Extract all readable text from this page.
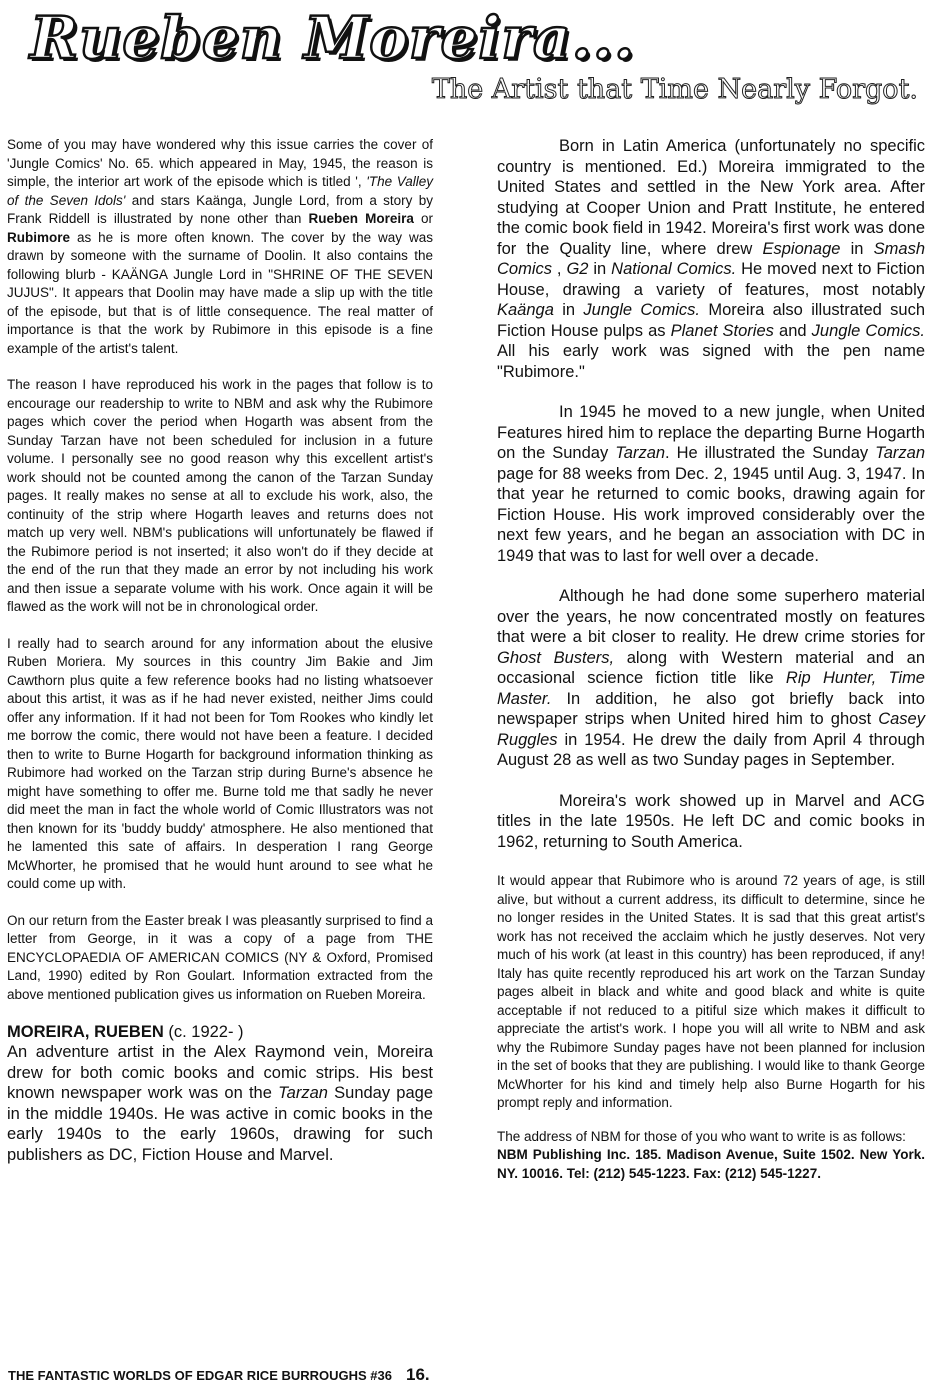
Rueben Moreira...
The Artist that Time Nearly Forgot.

Some of you may have wondered why this issue carries the cover of 'Jungle Comics' No. 65. which appeared in May, 1945, the reason is simple, the interior art work of the episode which is titled ', 'The Valley of the Seven Idols' and stars Kaänga, Jungle Lord, from a story by Frank Riddell is illustrated by none other than Rueben Moreira or Rubimore as he is more often known. The cover by the way was drawn by someone with the surname of Doolin. It also contains the following blurb - KAÄNGA Jungle Lord in "SHRINE OF THE SEVEN JUJUS". It appears that Doolin may have made a slip up with the title of the episode, but that is of little consequence. The real matter of importance is that the work by Rubimore in this episode is a fine example of the artist's talent.

The reason I have reproduced his work in the pages that follow is to encourage our readership to write to NBM and ask why the Rubimore pages which cover the period when Hogarth was absent from the Sunday Tarzan have not been scheduled for inclusion in a future volume. I personally see no good reason why this excellent artist's work should not be counted among the canon of the Tarzan Sunday pages. It really makes no sense at all to exclude his work, also, the continuity of the strip where Hogarth leaves and returns does not match up very well. NBM's publications will unfortunately be flawed if the Rubimore period is not inserted; it also won't do if they decide at the end of the run that they made an error by not including his work and then issue a separate volume with his work. Once again it will be flawed as the work will not be in chronological order.

I really had to search around for any information about the elusive Ruben Moriera. My sources in this country Jim Bakie and Jim Cawthorn plus quite a few reference books had no listing whatsoever about this artist, it was as if he had never existed, neither Jims could offer any information. If it had not been for Tom Rookes who kindly let me borrow the comic, there would not have been a feature. I decided then to write to Burne Hogarth for background information thinking as Rubimore had worked on the Tarzan strip during Burne's absence he might have something to offer me. Burne told me that sadly he never did meet the man in fact the whole world of Comic Illustrators was not then known for its 'buddy buddy' atmosphere. He also mentioned that he lamented this sate of affairs. In desperation I rang George McWhorter, he promised that he would hunt around to see what he could come up with.

On our return from the Easter break I was pleasantly surprised to find a letter from George, in it was a copy of a page from THE ENCYCLOPAEDIA OF AMERICAN COMICS (NY & Oxford, Promised Land, 1990) edited by Ron Goulart. Information extracted from the above mentioned publication gives us information on Rueben Moreira.

MOREIRA, RUEBEN (c. 1922- )

An adventure artist in the Alex Raymond vein, Moreira drew for both comic books and comic strips. His best known newspaper work was on the Tarzan Sunday page in the middle 1940s. He was active in comic books in the early 1940s to the early 1960s, drawing for such publishers as DC, Fiction House and Marvel.

Born in Latin America (unfortunately no specific country is mentioned. Ed.) Moreira immigrated to the United States and settled in the New York area. After studying at Cooper Union and Pratt Institute, he entered the comic book field in 1942. Moreira's first work was done for the Quality line, where drew Espionage in Smash Comics , G2 in National Comics. He moved next to Fiction House, drawing a variety of features, most notably Kaänga in Jungle Comics. Moreira also illustrated such Fiction House pulps as Planet Stories and Jungle Comics. All his early work was signed with the pen name "Rubimore."

In 1945 he moved to a new jungle, when United Features hired him to replace the departing Burne Hogarth on the Sunday Tarzan. He illustrated the Sunday Tarzan page for 88 weeks from Dec. 2, 1945 until Aug. 3, 1947. In that year he returned to comic books, drawing again for Fiction House. His work improved considerably over the next few years, and he began an association with DC in 1949 that was to last for well over a decade.

Although he had done some superhero material over the years, he now concentrated mostly on features that were a bit closer to reality. He drew crime stories for Ghost Busters, along with Western material and an occasional science fiction title like Rip Hunter, Time Master. In addition, he also got briefly back into newspaper strips when United hired him to ghost Casey Ruggles in 1954. He drew the daily from April 4 through August 28 as well as two Sunday pages in September.

Moreira's work showed up in Marvel and ACG titles in the late 1950s. He left DC and comic books in 1962, returning to South America.

It would appear that Rubimore who is around 72 years of age, is still alive, but without a current address, its difficult to determine, since he no longer resides in the United States. It is sad that this great artist's work has not received the acclaim which he justly deserves. Not very much of his work (at least in this country) has been reproduced, if any! Italy has quite recently reproduced his art work on the Tarzan Sunday pages albeit in black and white and good black and white is quite acceptable if not reduced to a pitiful size which makes it difficult to appreciate the artist's work. I hope you will all write to NBM and ask why the Rubimore Sunday pages have not been planned for inclusion in the set of books that they are publishing. I would like to thank George McWhorter for his kind and timely help also Burne Hogarth for his prompt reply and information.

The address of NBM for those of you who want to write is as follows:

NBM Publishing Inc. 185. Madison Avenue, Suite 1502. New York. NY. 10016. Tel: (212) 545-1223. Fax: (212) 545-1227.

THE FANTASTIC WORLDS OF EDGAR RICE BURROUGHS #36 16.
